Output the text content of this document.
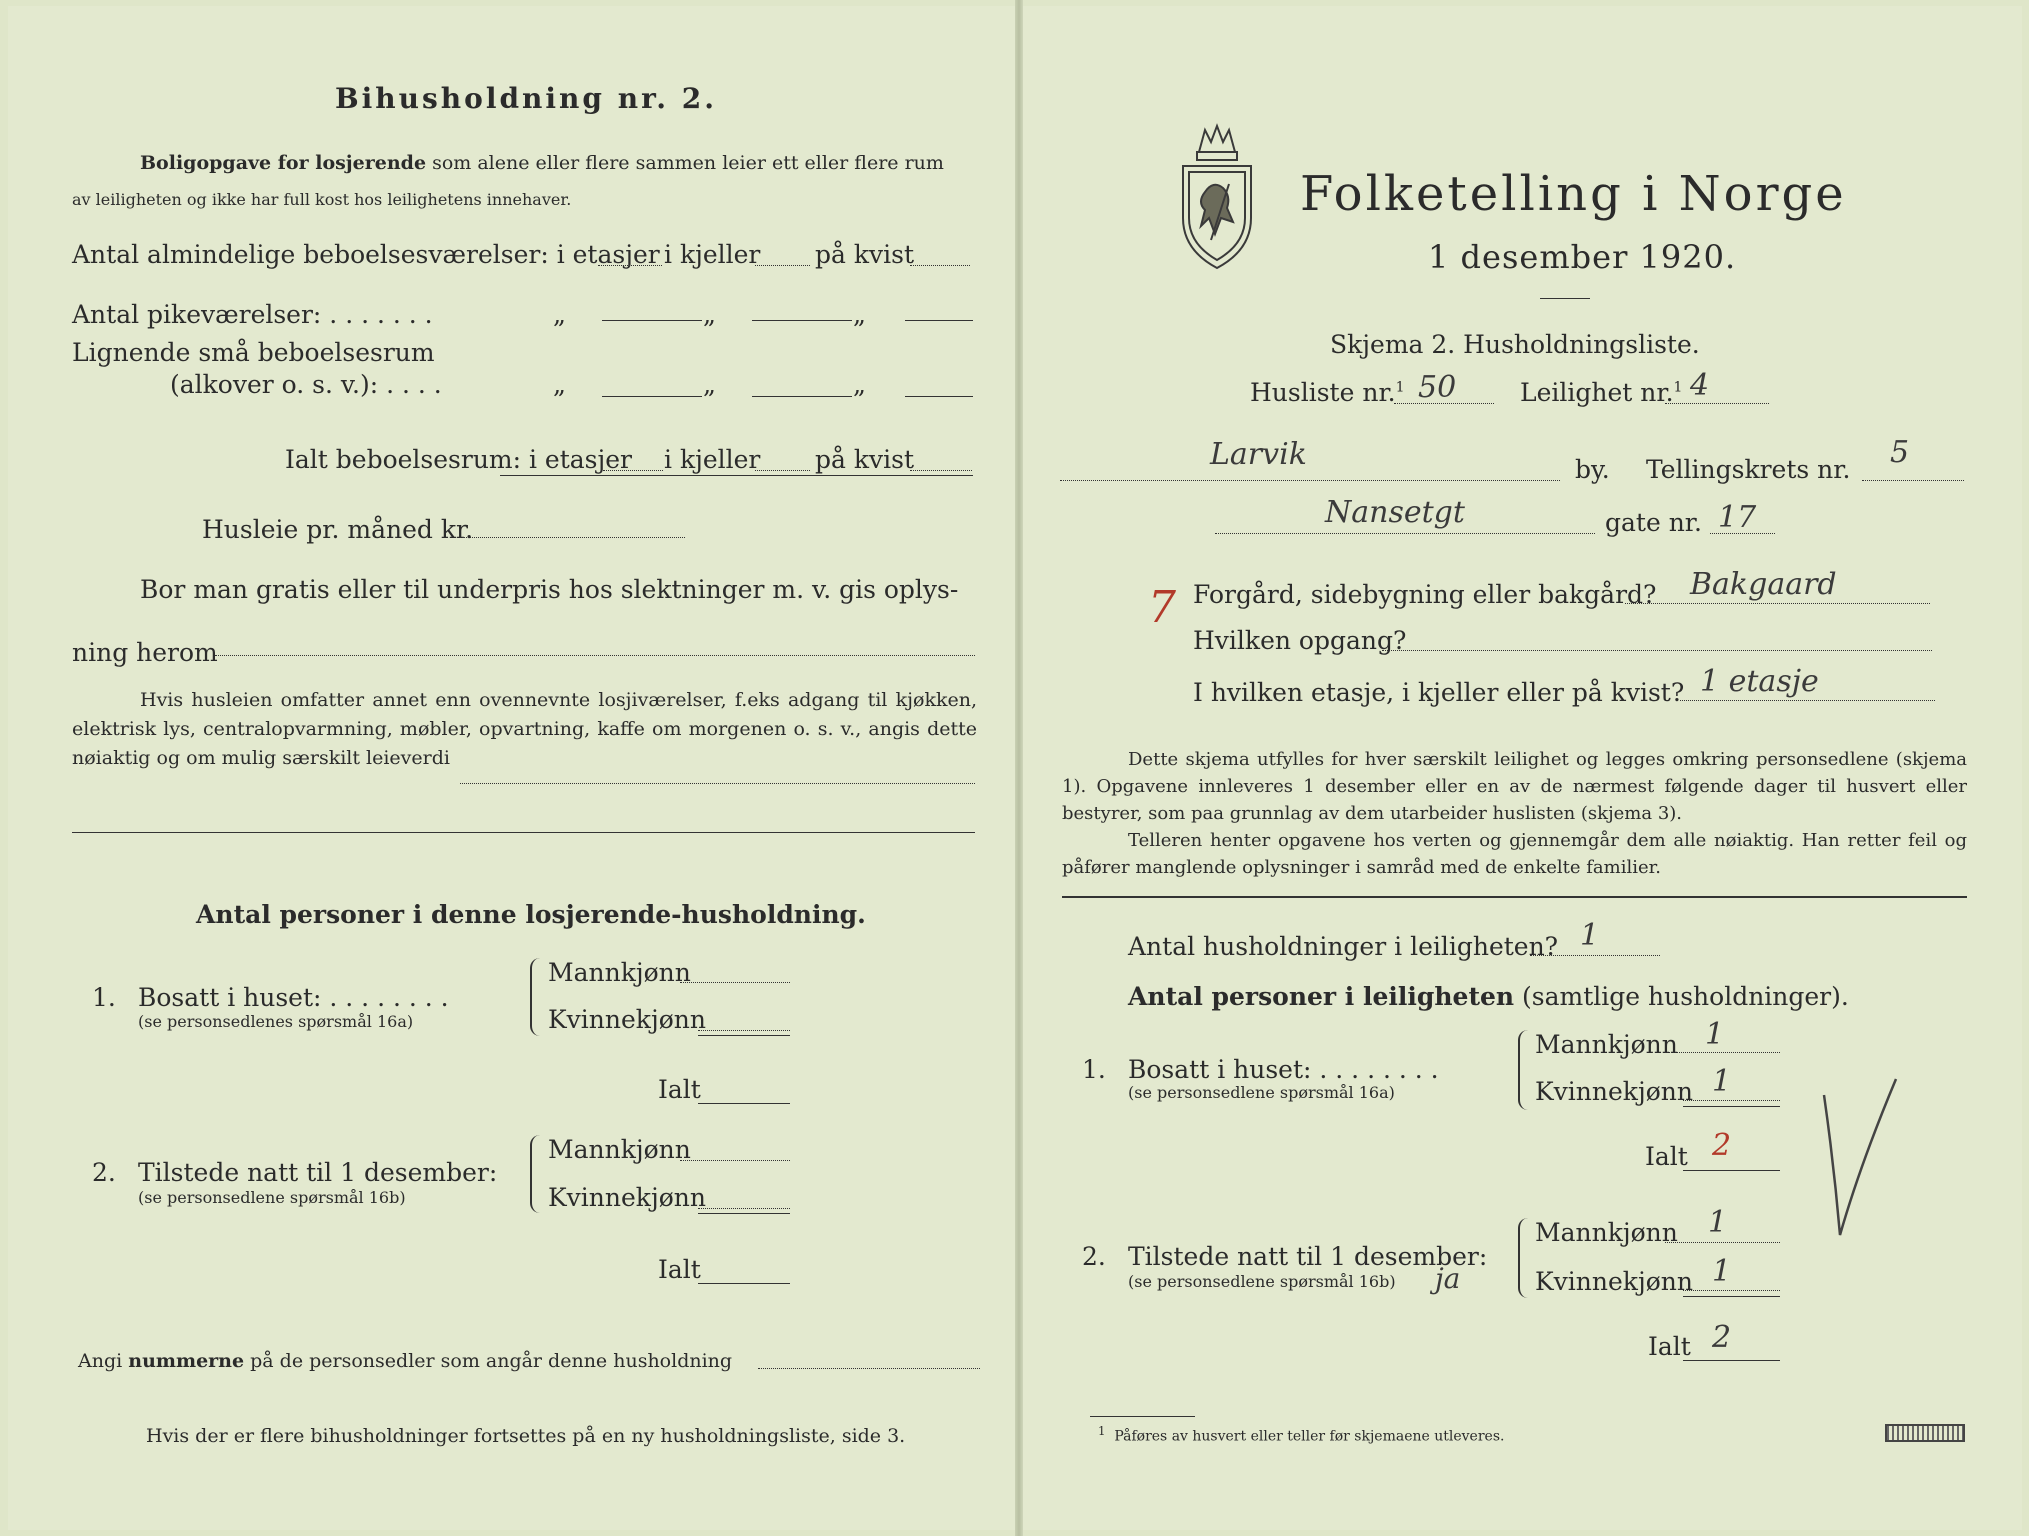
Bihusholdning nr. 2.
Boligopgave for losjerende som alene eller flere sammen leier ett eller flere rum
av leiligheten og ikke har full kost hos leilighetens innehaver.
Antal almindelige beboelsesværelser: i etasjer i kjeller på kvist
Antal pikeværelser: . . . . . . .	„	„	„
Lignende små beboelsesrum
(alkover o. s. v.): . . . .	„	„	„
Ialt beboelsesrum: i etasjer i kjeller på kvist
Husleie pr. måned kr.
Bor man gratis eller til underpris hos slektninger m. v. gis oplys-
ning herom
Hvis husleien omfatter annet enn ovennevnte losjiværelser, f.eks adgang til kjøkken, elektrisk lys, centralopvarmning, møbler, opvartning, kaffe om morgenen o. s. v., angis dette nøiaktig og om mulig særskilt leieverdi
Antal personer i denne losjerende-husholdning.
1. Bosatt i huset: . . . . . . . .
(se personsedlenes spørsmål 16a)
Mannkjønn
Kvinnekjønn
Ialt
2. Tilstede natt til 1 desember:
(se personsedlene spørsmål 16b)
Mannkjønn
Kvinnekjønn
Ialt
Angi nummerne på de personsedler som angår denne husholdning
Hvis der er flere bihusholdninger fortsettes på en ny husholdningsliste, side 3.
Folketelling i Norge
1 desember 1920.
Skjema 2. Husholdningsliste.
Husliste nr.$^1$ 50	Leilighet nr.$^1$ 4
Larvik	by. Tellingskrets nr. 5
Nansetgt	gate nr. 17
7 Forgård, sidebygning eller bakgård? Bakgaard
Hvilken opgang?
I hvilken etasje, i kjeller eller på kvist? 1 etasje
Dette skjema utfylles for hver særskilt leilighet og legges omkring personsedlene (skjema 1). Opgavene innleveres 1 desember eller en av de nærmest følgende dager til husvert eller bestyrer, som paa grunnlag av dem utarbeider huslisten (skjema 3).
Telleren henter opgavene hos verten og gjennemgår dem alle nøiaktig. Han retter feil og påfører manglende oplysninger i samråd med de enkelte familier.
Antal husholdninger i leiligheten? 1
Antal personer i leiligheten (samtlige husholdninger).
1. Bosatt i huset: . . . . . . . .
(se personsedlene spørsmål 16a)
Mannkjønn 1
Kvinnekjønn 1
Ialt 2
2. Tilstede natt til 1 desember:
(se personsedlene spørsmål 16b) ja
Mannkjønn 1
Kvinnekjønn 1
Ialt 2
$^1$ Påføres av husvert eller teller før skjemaene utleveres.
